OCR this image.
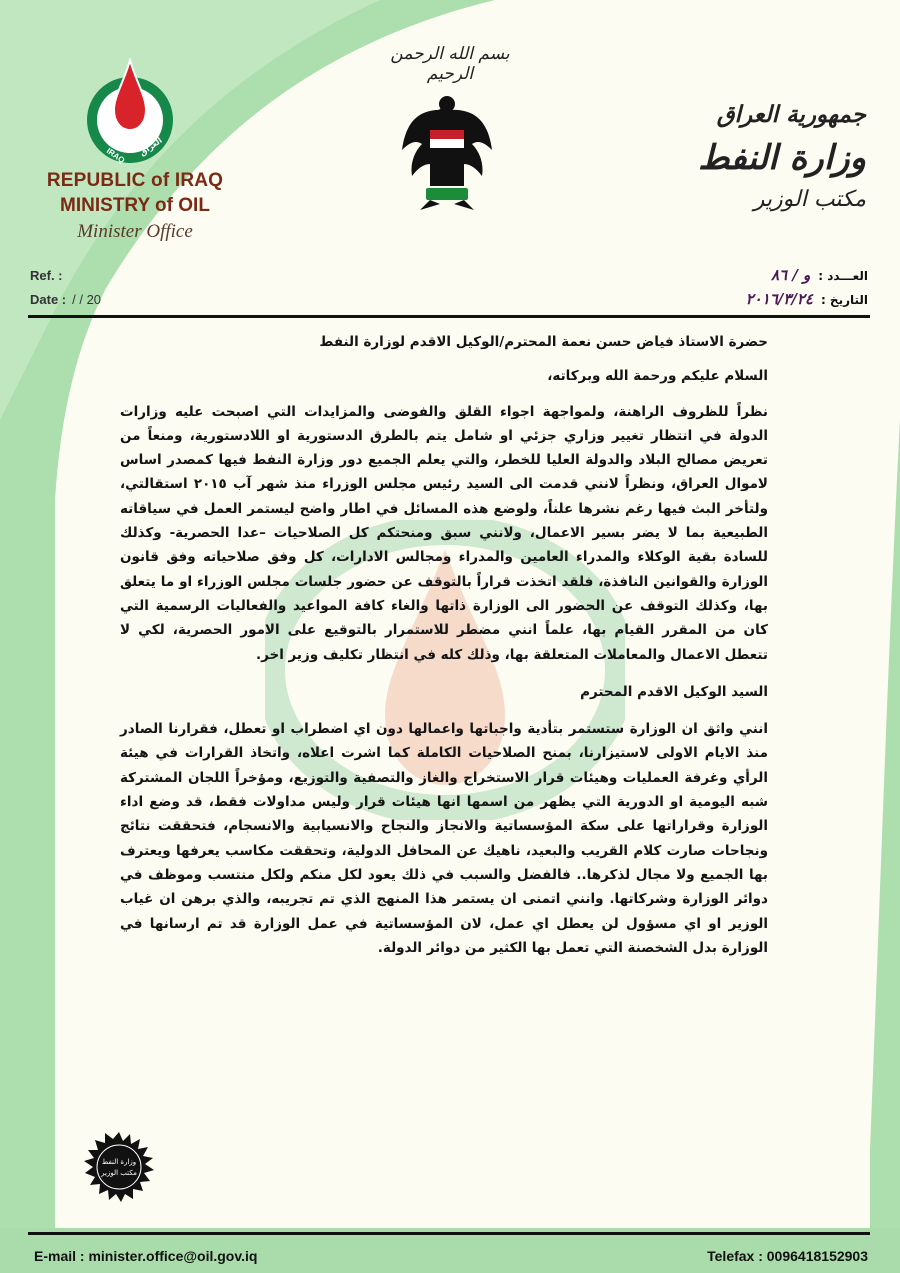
IRAQ العراق
REPUBLIC of IRAQ
MINISTRY of OIL
Minister Office
Ref. :
Date : / / 20
بسم الله الرحمن الرحيم
جمهورية العراق
وزارة النفط
مكتب الوزير
العـــدد :و / ٨٦
التاريخ :٢٠١٦/٣/٢٤

حضرة الاستاذ فياض حسن نعمة المحترم/الوكيل الاقدم لوزارة النفط

السلام عليكم ورحمة الله وبركاته،

نظراً للظروف الراهنة، ولمواجهة اجواء القلق والفوضى والمزايدات التي اصبحت عليه وزارات الدولة في انتظار تغيير وزاري جزئي او شامل يتم بالطرق الدستورية او اللادستورية، ومنعاً من تعريض مصالح البلاد والدولة العليا للخطر، والتي يعلم الجميع دور وزارة النفط فيها كمصدر اساس لاموال العراق، ونظراً لانني قدمت الى السيد رئيس مجلس الوزراء منذ شهر آب ٢٠١٥ استقالتي، ولتأخر البث فيها رغم نشرها علناً، ولوضع هذه المسائل في اطار واضح ليستمر العمل في سياقاته الطبيعية بما لا يضر بسير الاعمال، ولانني سبق ومنحتكم كل الصلاحيات –عدا الحصرية- وكذلك للسادة بقية الوكلاء والمدراء العامين والمدراء ومجالس الادارات، كل وفق صلاحياته وفق قانون الوزارة والقوانين النافذة، فلقد اتخذت قراراً بالتوقف عن حضور جلسات مجلس الوزراء او ما يتعلق بها، وكذلك التوقف عن الحضور الى الوزارة ذاتها والغاء كافة المواعيد والفعاليات الرسمية التي كان من المقرر القيام بها، علماً انني مضطر للاستمرار بالتوقيع على الامور الحصرية، لكي لا تتعطل الاعمال والمعاملات المتعلقة بها، وذلك كله في انتظار تكليف وزير اخر.

السيد الوكيل الاقدم المحترم

انني واثق ان الوزارة ستستمر بتأدية واجباتها واعمالها دون اي اضطراب او تعطل، فقرارنا الصادر منذ الايام الاولى لاستيزارنا، بمنح الصلاحيات الكاملة كما اشرت اعلاه، واتخاذ القرارات في هيئة الرأي وغرفة العمليات وهيئات قرار الاستخراج والغاز والتصفية والتوزيع، ومؤخراً اللجان المشتركة شبه اليومية او الدورية التي يظهر من اسمها انها هيئات قرار وليس مداولات فقط، قد وضع اداء الوزارة وقراراتها على سكة المؤسساتية والانجاز والنجاح والانسيابية والانسجام، فتحققت نتائج ونجاحات صارت كلام القريب والبعيد، ناهيك عن المحافل الدولية، وتحققت مكاسب يعرفها ويعترف بها الجميع ولا مجال لذكرها.. فالفضل والسبب في ذلك يعود لكل منكم ولكل منتسب وموظف في دوائر الوزارة وشركاتها. وانني اتمنى ان يستمر هذا المنهج الذي تم تجريبه، والذي برهن ان غياب الوزير او اي مسؤول لن يعطل اي عمل، لان المؤسساتية في عمل الوزارة قد تم ارسانها في الوزارة بدل الشخصنة التي تعمل بها الكثير من دوائر الدولة.

وزارة النفط
مكتب الوزير
E-mail : minister.office@oil.gov.iq	Telefax : 00964181529​03
